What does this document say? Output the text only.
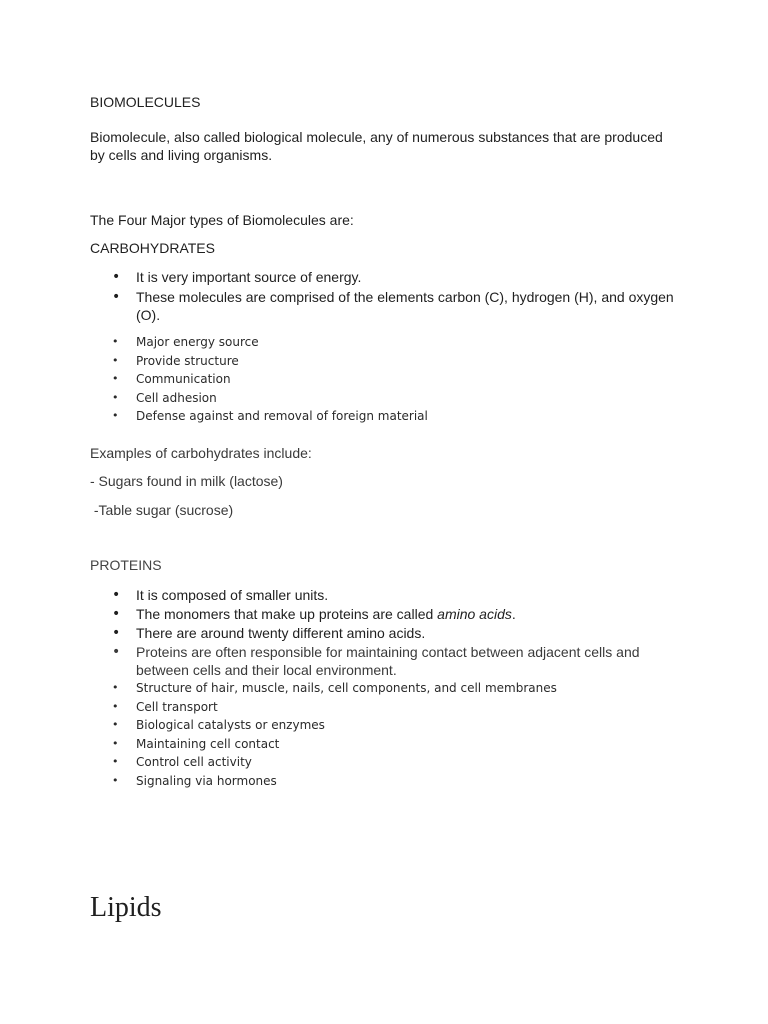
BIOMOLECULES

Biomolecule, also called biological molecule, any of numerous substances that are produced by cells and living organisms.

The Four Major types of Biomolecules are:

CARBOHYDRATES

• It is very important source of energy.
• These molecules are comprised of the elements carbon (C), hydrogen (H), and oxygen (O).
• Major energy source
• Provide structure
• Communication
• Cell adhesion
• Defense against and removal of foreign material

Examples of carbohydrates include:

- Sugars found in milk (lactose)

-Table sugar (sucrose)

PROTEINS

• It is composed of smaller units.
• The monomers that make up proteins are called amino acids.
• There are around twenty different amino acids.
• Proteins are often responsible for maintaining contact between adjacent cells and between cells and their local environment.
• Structure of hair, muscle, nails, cell components, and cell membranes
• Cell transport
• Biological catalysts or enzymes
• Maintaining cell contact
• Control cell activity
• Signaling via hormones

Lipids
